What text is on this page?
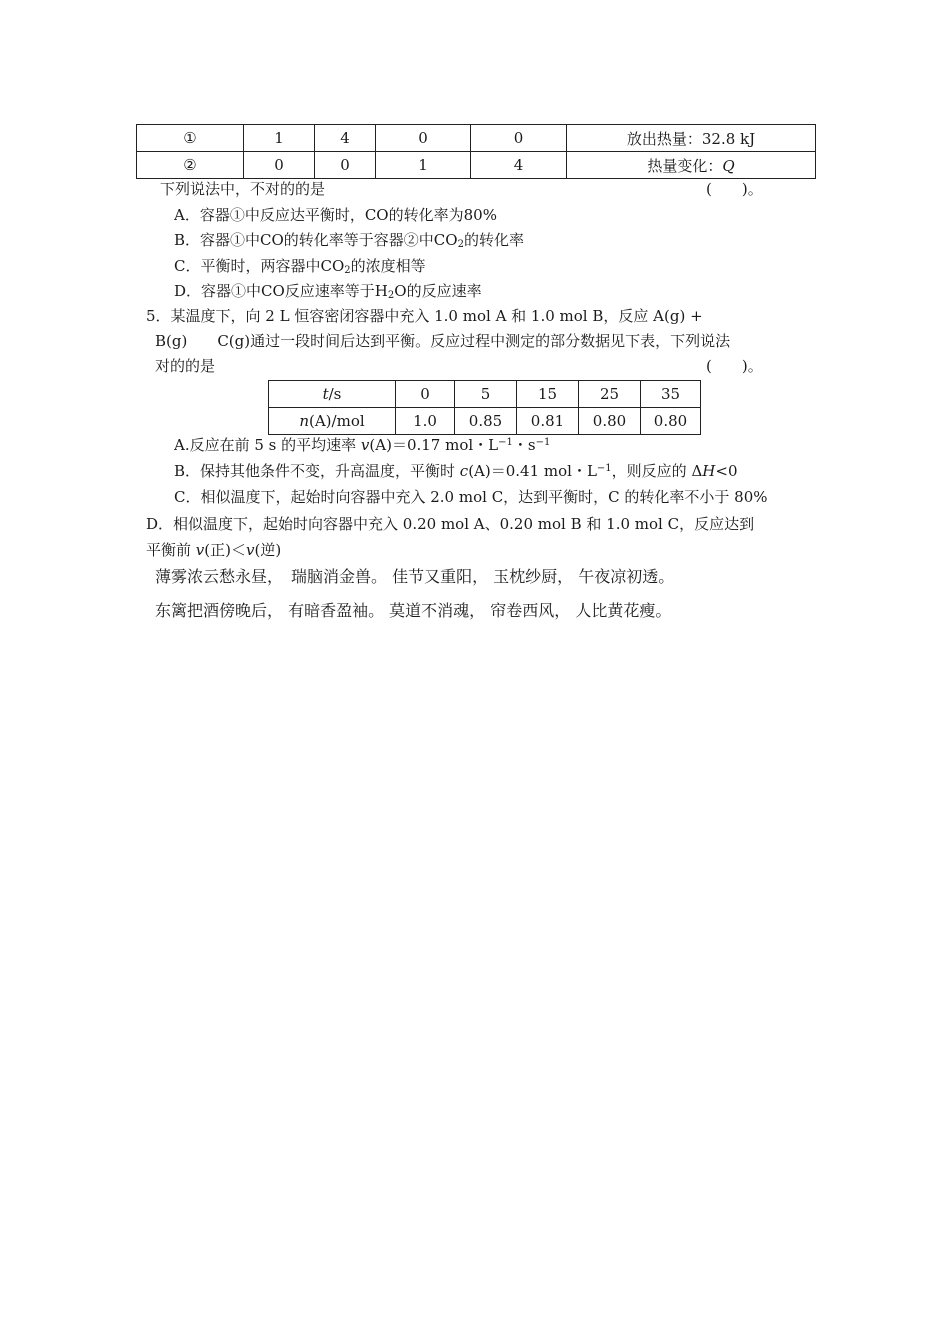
①	1	4	0	0	放出热量：32.8 kJ
②	0	0	1	4	热量变化：Q
下列说法中，不对的的是	(　　)。
A．容器①中反应达平衡时，CO的转化率为80%
B．容器①中CO的转化率等于容器②中$CO_2$的转化率
C．平衡时，两容器中$CO_2$的浓度相等
D．容器①中CO反应速率等于$H_2O$的反应速率
5．某温度下，向 2 L 恒容密闭容器中充入 1.0 mol A 和 1.0 mol B，反应 A(g) +
B(g)　　C(g)通过一段时间后达到平衡。反应过程中测定的部分数据见下表，下列说法
对的的是	(　　)。
t/s	0	5	15	25	35
n(A)/mol	1.0	0.85	0.81	0.80	0.80
A.反应在前 5 s 的平均速率 v(A)＝0.17 mol・$L^{-1}$・$s^{-1}$
B．保持其他条件不变，升高温度，平衡时 c(A)＝0.41 mol・$L^{-1}$，则反应的 ΔH<0
C．相似温度下，起始时向容器中充入 2.0 mol C，达到平衡时，C 的转化率不小于 80%
D．相似温度下，起始时向容器中充入 0.20 mol A、0.20 mol B 和 1.0 mol C，反应达到
平衡前 v(正)＜v(逆)
薄雾浓云愁永昼，　瑞脑消金兽。 佳节又重阳， 玉枕纱厨， 午夜凉初透。
东篱把酒傍晚后， 有暗香盈袖。 莫道不消魂， 帘卷西风， 人比黄花瘦。
